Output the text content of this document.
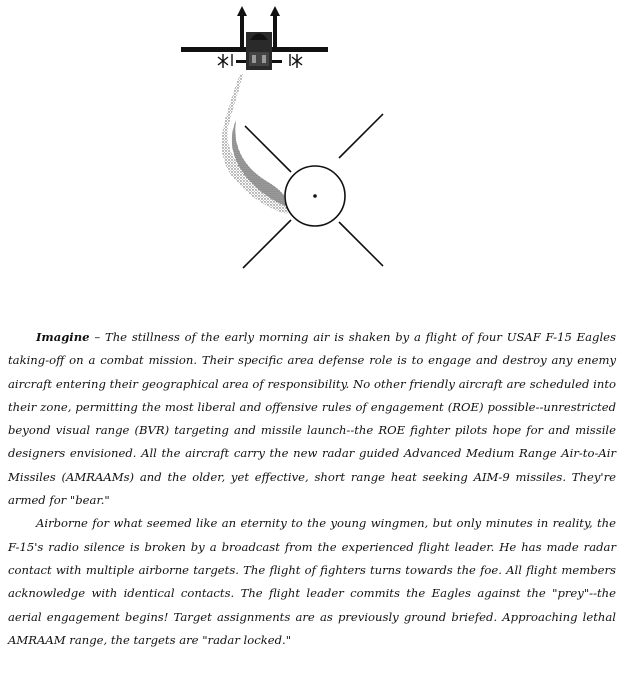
Imagine – The stillness of the early morning air is shaken by a flight of four USAF F-15 Eagles taking-off on a combat mission. Their specific area defense role is to engage and destroy any enemy aircraft entering their geographical area of responsibility. No other friendly aircraft are scheduled into their zone, permitting the most liberal and offensive rules of engagement (ROE) possible--unrestricted beyond visual range (BVR) targeting and missile launch--the ROE fighter pilots hope for and missile designers envisioned. All the aircraft carry the new radar guided Advanced Medium Range Air-to-Air Missiles (AMRAAMs) and the older, yet effective, short range heat seeking AIM-9 missiles. They're armed for "bear."

Airborne for what seemed like an eternity to the young wingmen, but only minutes in reality, the F-15's radio silence is broken by a broadcast from the experienced flight leader. He has made radar contact with multiple airborne targets. The flight of fighters turns towards the foe. All flight members acknowledge with identical contacts. The flight leader commits the Eagles against the "prey"--the aerial engagement begins! Target assignments are as previously ground briefed. Approaching lethal AMRAAM range, the targets are "radar locked."
